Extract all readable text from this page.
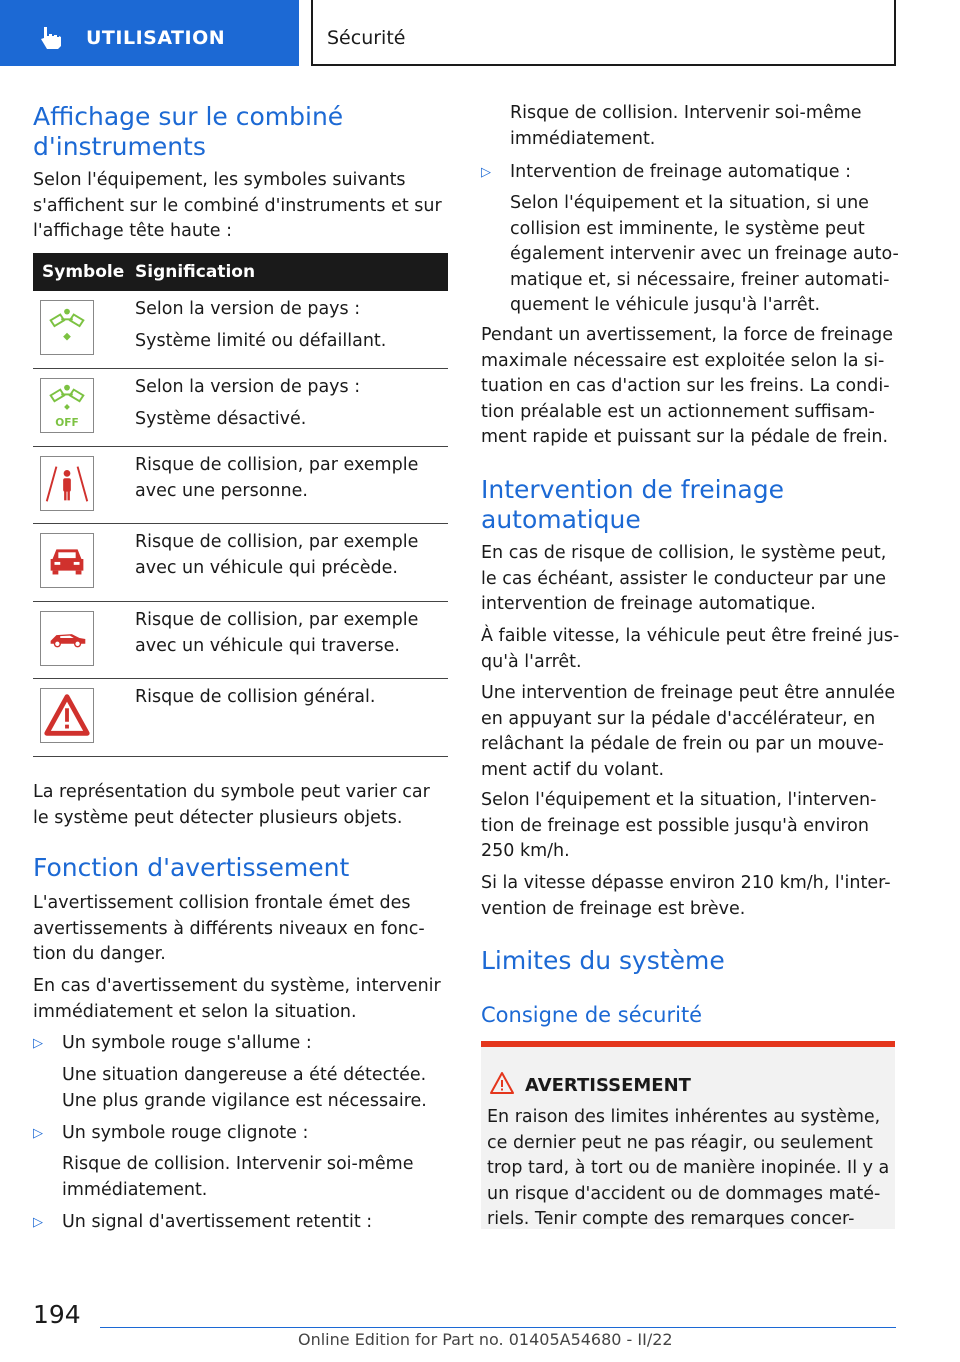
UTILISATION	Sécurité
Affichage sur le combiné
d'instruments
Selon l'équipement, les symboles suivants
s'affichent sur le combiné d'instruments et sur
l'affichage tête haute :
Symbole Signification
Selon la version de pays :
Système limité ou défaillant.
OFF
Selon la version de pays :
Système désactivé.
Risque de collision, par exemple
avec une personne.
Risque de collision, par exemple
avec un véhicule qui précède.
Risque de collision, par exemple
avec un véhicule qui traverse.
Risque de collision général.
La représentation du symbole peut varier car
le système peut détecter plusieurs objets.
Fonction d'avertissement
L'avertissement collision frontale émet des
avertissements à différents niveaux en fonc-
tion du danger.
En cas d'avertissement du système, intervenir
immédiatement et selon la situation.
▷ Un symbole rouge s'allume :
Une situation dangereuse a été détectée.
Une plus grande vigilance est nécessaire.
▷ Un symbole rouge clignote :
Risque de collision. Intervenir soi-même
immédiatement.
▷ Un signal d'avertissement retentit :
Risque de collision. Intervenir soi-même
immédiatement.
▷ Intervention de freinage automatique :
Selon l'équipement et la situation, si une
collision est imminente, le système peut
également intervenir avec un freinage auto-
matique et, si nécessaire, freiner automati-
quement le véhicule jusqu'à l'arrêt.
Pendant un avertissement, la force de freinage
maximale nécessaire est exploitée selon la si-
tuation en cas d'action sur les freins. La condi-
tion préalable est un actionnement suffisam-
ment rapide et puissant sur la pédale de frein.
Intervention de freinage
automatique
En cas de risque de collision, le système peut,
le cas échéant, assister le conducteur par une
intervention de freinage automatique.
À faible vitesse, la véhicule peut être freiné jus-
qu'à l'arrêt.
Une intervention de freinage peut être annulée
en appuyant sur la pédale d'accélérateur, en
relâchant la pédale de frein ou par un mouve-
ment actif du volant.
Selon l'équipement et la situation, l'interven-
tion de freinage est possible jusqu'à environ
250 km/h.
Si la vitesse dépasse environ 210 km/h, l'inter-
vention de freinage est brève.
Limites du système
Consigne de sécurité
AVERTISSEMENT
En raison des limites inhérentes au système,
ce dernier peut ne pas réagir, ou seulement
trop tard, à tort ou de manière inopinée. Il y a
un risque d'accident ou de dommages maté-
riels. Tenir compte des remarques concer-
194
Online Edition for Part no. 01405A54680 - II/22
